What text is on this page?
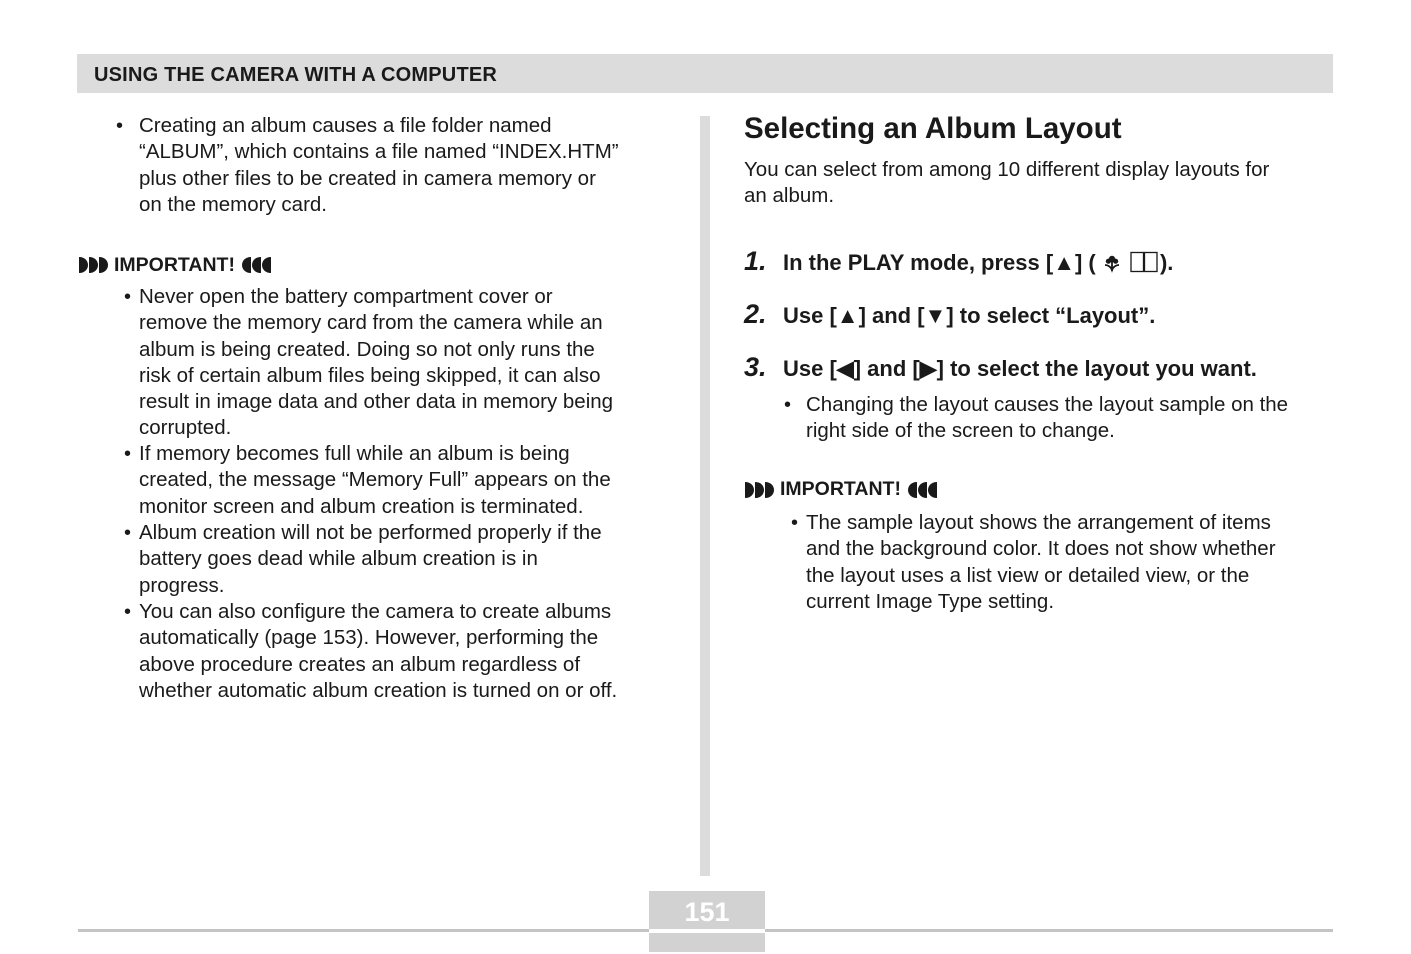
USING THE CAMERA WITH A COMPUTER
• Creating an album causes a file folder named
“ALBUM”, which contains a file named “INDEX.HTM”
plus other files to be created in camera memory or
on the memory card.
IMPORTANT!
• Never open the battery compartment cover or
remove the memory card from the camera while an
album is being created. Doing so not only runs the
risk of certain album files being skipped, it can also
result in image data and other data in memory being
corrupted.
• If memory becomes full while an album is being
created, the message “Memory Full” appears on the
monitor screen and album creation is terminated.
• Album creation will not be performed properly if the
battery goes dead while album creation is in
progress.
• You can also configure the camera to create albums
automatically (page 153). However, performing the
above procedure creates an album regardless of
whether automatic album creation is turned on or off.
Selecting an Album Layout
You can select from among 10 different display layouts for
an album.
1. In the PLAY mode, press [▲] (	).
2. Use [▲] and [▼] to select “Layout”.
3. Use [◀] and [▶] to select the layout you want.
• Changing the layout causes the layout sample on the
right side of the screen to change.
IMPORTANT!
• The sample layout shows the arrangement of items
and the background color. It does not show whether
the layout uses a list view or detailed view, or the
current Image Type setting.
151
